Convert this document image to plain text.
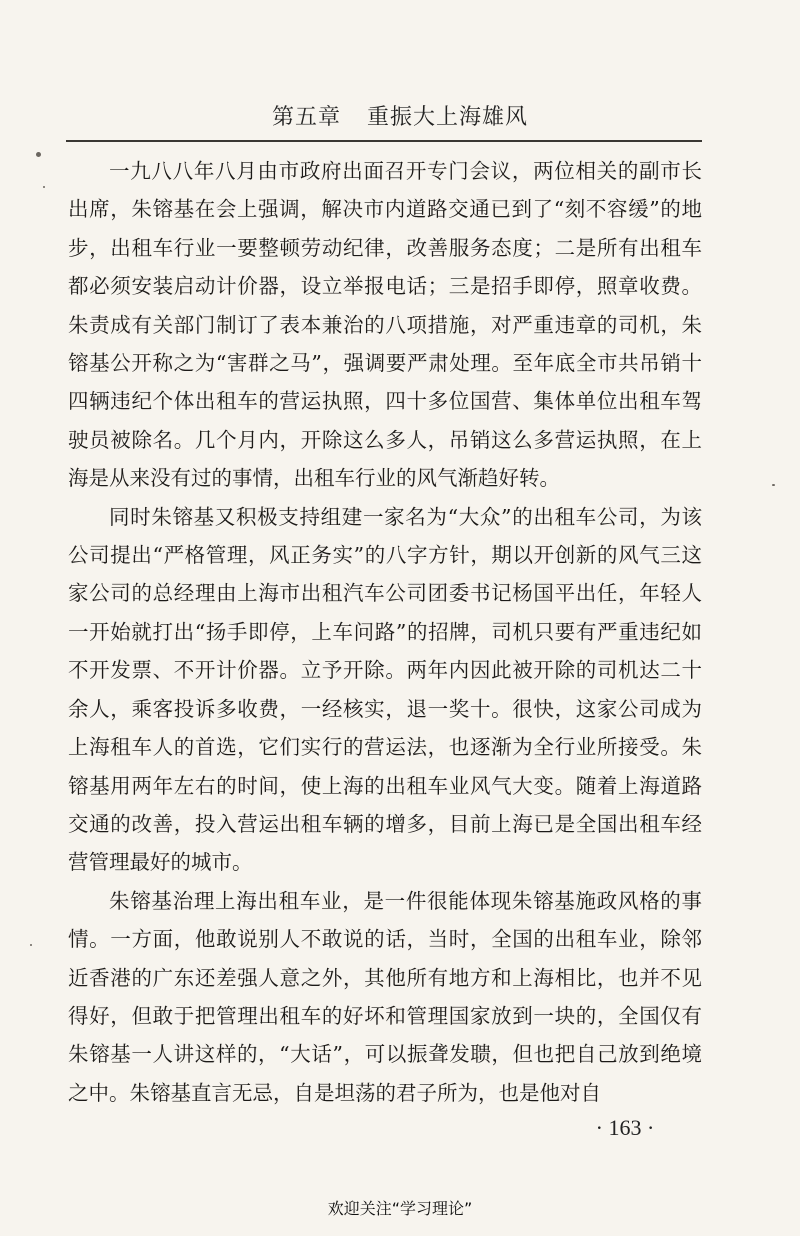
第五章 重振大上海雄风

一九八八年八月由市政府出面召开专门会议，两位相关的副市长出席，朱镕基在会上强调，解决市内道路交通已到了“刻不容缓”的地步，出租车行业一要整顿劳动纪律，改善服务态度；二是所有出租车都必须安装启动计价器，设立举报电话；三是招手即停，照章收费。朱责成有关部门制订了表本兼治的八项措施，对严重违章的司机，朱镕基公开称之为“害群之马”，强调要严肃处理。至年底全市共吊销十四辆违纪个体出租车的营运执照，四十多位国营、集体单位出租车驾驶员被除名。几个月内，开除这么多人，吊销这么多营运执照，在上海是从来没有过的事情，出租车行业的风气渐趋好转。

同时朱镕基又积极支持组建一家名为“大众”的出租车公司，为该公司提出“严格管理，风正务实”的八字方针，期以开创新的风气三这家公司的总经理由上海市出租汽车公司团委书记杨国平出任，年轻人一开始就打出“扬手即停，上车问路”的招牌，司机只要有严重违纪如不开发票、不开计价器。立予开除。两年内因此被开除的司机达二十余人，乘客投诉多收费，一经核实，退一奖十。很快，这家公司成为上海租车人的首选，它们实行的营运法，也逐渐为全行业所接受。朱镕基用两年左右的时间，使上海的出租车业风气大变。随着上海道路交通的改善，投入营运出租车辆的增多，目前上海已是全国出租车经营管理最好的城市。

朱镕基治理上海出租车业，是一件很能体现朱镕基施政风格的事情。一方面，他敢说别人不敢说的话，当时，全国的出租车业，除邻近香港的广东还差强人意之外，其他所有地方和上海相比，也并不见得好，但敢于把管理出租车的好坏和管理国家放到一块的，全国仅有朱镕基一人讲这样的，“大话”，可以振聋发聩，但也把自己放到绝境之中。朱镕基直言无忌，自是坦荡的君子所为，也是他对自

· 163 ·
欢迎关注“学习理论”
